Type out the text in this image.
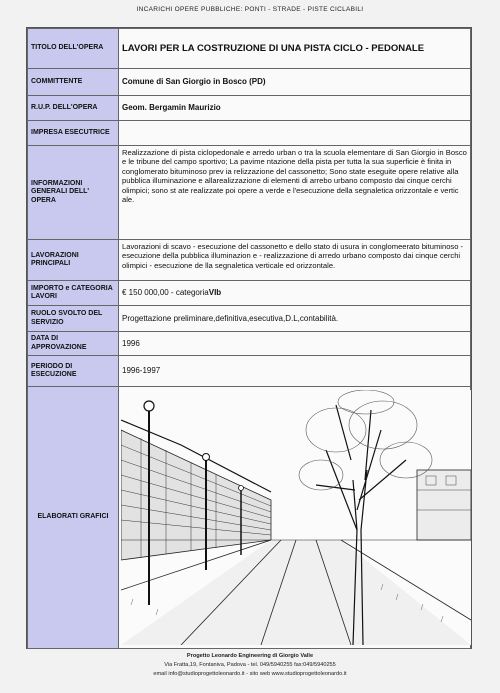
INCARICHI OPERE PUBBLICHE: PONTI - STRADE - PISTE CICLABILI
TITOLO DELL'OPERA	LAVORI PER LA COSTRUZIONE DI UNA PISTA CICLO - PEDONALE
COMMITTENTE	Comune di San Giorgio in Bosco (PD)
R.U.P. DELL'OPERA	Geom. Bergamin Maurizio
IMPRESA ESECUTRICE	
INFORMAZIONI GENERALI DELL' OPERA	Realizzazione di pista ciclopedonale e arredo urban o tra la scuola elementare di San Giorgio in Bosco e le tribune del campo sportivo; La pavime ntazione della pista per tutta la sua superficie è finita in conglomerato bituminoso prev ia relizzazione del cassonetto; Sono state eseguite opere relative alla pubblica illuminazione e allarealizzazione di elementi di arrebo urbano composto dai cinque cerchi olimpici; sono st ate realizzate poi opere a verde e l'esecuzione della segnaletica orizzontale e vertic ale.
LAVORAZIONI PRINCIPALI	Lavorazioni di scavo - esecuzione del cassonetto e dello stato di usura in conglomeerato bituminoso - esecuzione della pubblica illuminazion e - realizzazione di arredo urbano composto dai cinque cerchi olimpici - esecuzione de lla segnaletica verticale ed orizzontale.
IMPORTO e CATEGORIA LAVORI	€ 150 000,00 - categoriaVIb
RUOLO SVOLTO DEL SERVIZIO	Progettazione preliminare,definitiva,esecutiva,D.L,contabilità.
DATA DI APPROVAZIONE	1996
PERIODO DI ESECUZIONE	1996-1997
ELABORATI GRAFICI	
Progetto Leonardo Engineering di Giorgio Valle
Via Fratta,19, Fontaniva, Padova - tel. 049/5940255 fax:049/5940255
email info@studioprogettoleonardo.it - sito web www.studioprogettoleonardo.it
